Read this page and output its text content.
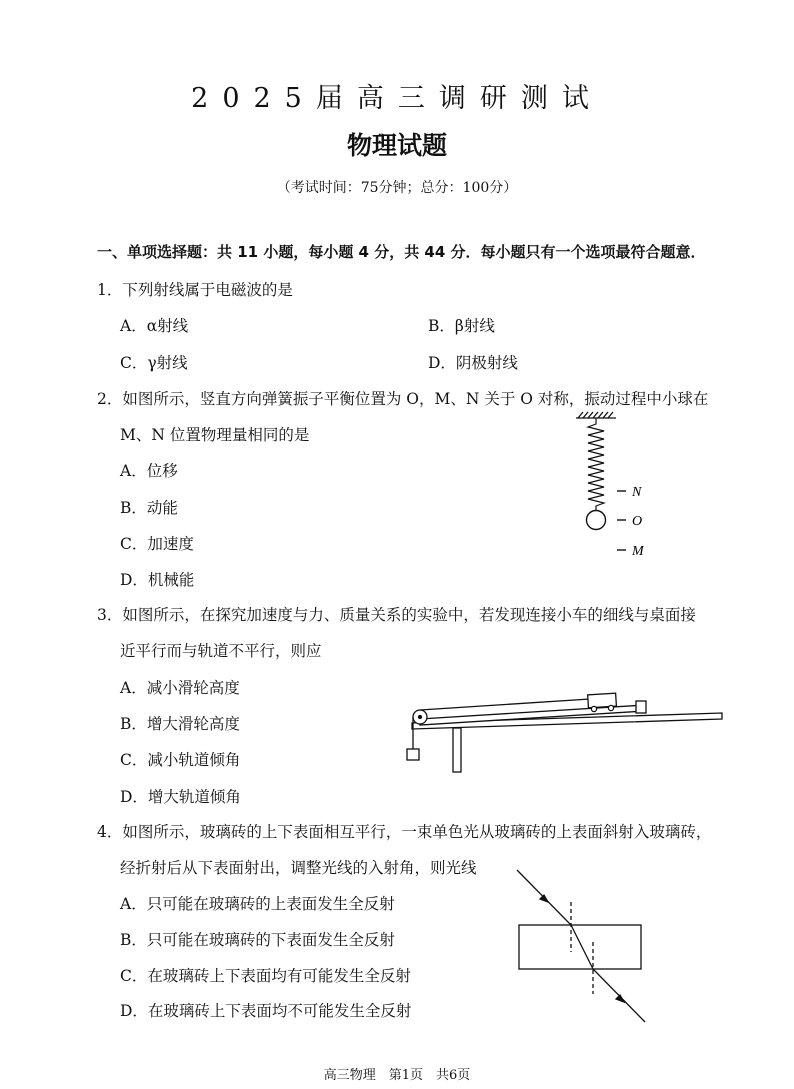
2025届高三调研测试
物理试题
（考试时间：75分钟；总分：100分）
一、单项选择题：共 11 小题，每小题 4 分，共 44 分．每小题只有一个选项最符合题意．
1．下列射线属于电磁波的是
A．α射线	B．β射线
C．γ射线	D．阴极射线
2．如图所示，竖直方向弹簧振子平衡位置为 O，M、N 关于 O 对称，振动过程中小球在
M、N 位置物理量相同的是
A．位移
B．动能
C．加速度
D．机械能
N
O
M
3．如图所示，在探究加速度与力、质量关系的实验中，若发现连接小车的细线与桌面接
近平行而与轨道不平行，则应
A．减小滑轮高度
B．增大滑轮高度
C．减小轨道倾角
D．增大轨道倾角
4．如图所示，玻璃砖的上下表面相互平行，一束单色光从玻璃砖的上表面斜射入玻璃砖，
经折射后从下表面射出，调整光线的入射角，则光线
A．只可能在玻璃砖的上表面发生全反射
B．只可能在玻璃砖的下表面发生全反射
C．在玻璃砖上下表面均有可能发生全反射
D．在玻璃砖上下表面均不可能发生全反射
高三物理　第1页　共6页
